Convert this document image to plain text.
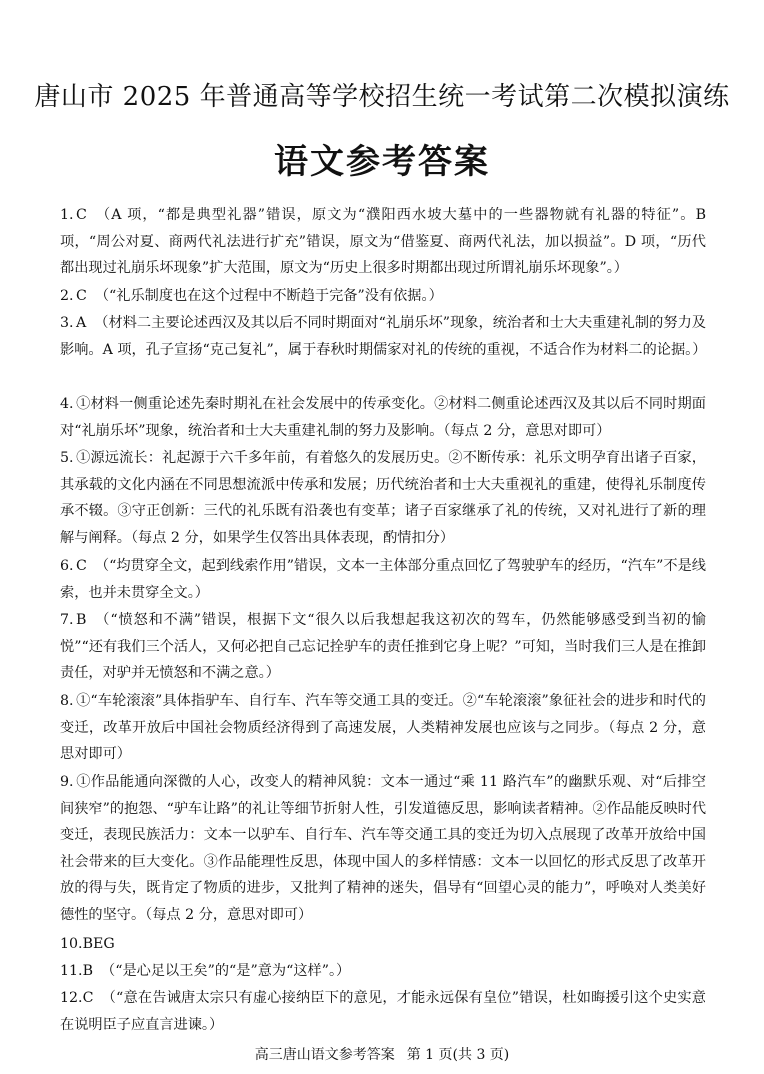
唐山市 2025 年普通高等学校招生统一考试第二次模拟演练
语文参考答案
1. C （A 项，“都是典型礼器”错误，原文为“濮阳西水坡大墓中的一些器物就有礼器的特征”。B 项，“周公对夏、商两代礼法进行扩充”错误，原文为“借鉴夏、商两代礼法，加以损益”。D 项，“历代都出现过礼崩乐坏现象”扩大范围，原文为“历史上很多时期都出现过所谓礼崩乐坏现象”。）
2. C （“礼乐制度也在这个过程中不断趋于完备”没有依据。）
3. A （材料二主要论述西汉及其以后不同时期面对“礼崩乐坏”现象，统治者和士大夫重建礼制的努力及影响。A 项，孔子宣扬“克己复礼”，属于春秋时期儒家对礼的传统的重视，不适合作为材料二的论据。）
4. ①材料一侧重论述先秦时期礼在社会发展中的传承变化。②材料二侧重论述西汉及其以后不同时期面对“礼崩乐坏”现象，统治者和士大夫重建礼制的努力及影响。（每点 2 分，意思对即可）
5. ①源远流长：礼起源于六千多年前，有着悠久的发展历史。②不断传承：礼乐文明孕育出诸子百家，其承载的文化内涵在不同思想流派中传承和发展；历代统治者和士大夫重视礼的重建，使得礼乐制度传承不辍。③守正创新：三代的礼乐既有沿袭也有变革；诸子百家继承了礼的传统，又对礼进行了新的理解与阐释。（每点 2 分，如果学生仅答出具体表现，酌情扣分）
6. C （“均贯穿全文，起到线索作用”错误，文本一主体部分重点回忆了驾驶驴车的经历，“汽车”不是线索，也并未贯穿全文。）
7. B （“愤怒和不满”错误，根据下文“很久以后我想起我这初次的驾车，仍然能够感受到当初的愉悦”“还有我们三个活人，又何必把自己忘记拴驴车的责任推到它身上呢？”可知，当时我们三人是在推卸责任，对驴并无愤怒和不满之意。）
8. ①“车轮滚滚”具体指驴车、自行车、汽车等交通工具的变迁。②“车轮滚滚”象征社会的进步和时代的变迁，改革开放后中国社会物质经济得到了高速发展，人类精神发展也应该与之同步。（每点 2 分，意思对即可）
9. ①作品能通向深微的人心，改变人的精神风貌：文本一通过“乘 11 路汽车”的幽默乐观、对“后排空间狭窄”的抱怨、“驴车让路”的礼让等细节折射人性，引发道德反思，影响读者精神。②作品能反映时代变迁，表现民族活力：文本一以驴车、自行车、汽车等交通工具的变迁为切入点展现了改革开放给中国社会带来的巨大变化。③作品能理性反思，体现中国人的多样情感：文本一以回忆的形式反思了改革开放的得与失，既肯定了物质的进步，又批判了精神的迷失，倡导有“回望心灵的能力”，呼唤对人类美好德性的坚守。（每点 2 分，意思对即可）
10.BEG
11.B （“是心足以王矣”的“是”意为“这样”。）
12.C （“意在告诫唐太宗只有虚心接纳臣下的意见，才能永远保有皇位”错误，杜如晦援引这个史实意在说明臣子应直言进谏。）
高三唐山语文参考答案 第 1 页(共 3 页)
